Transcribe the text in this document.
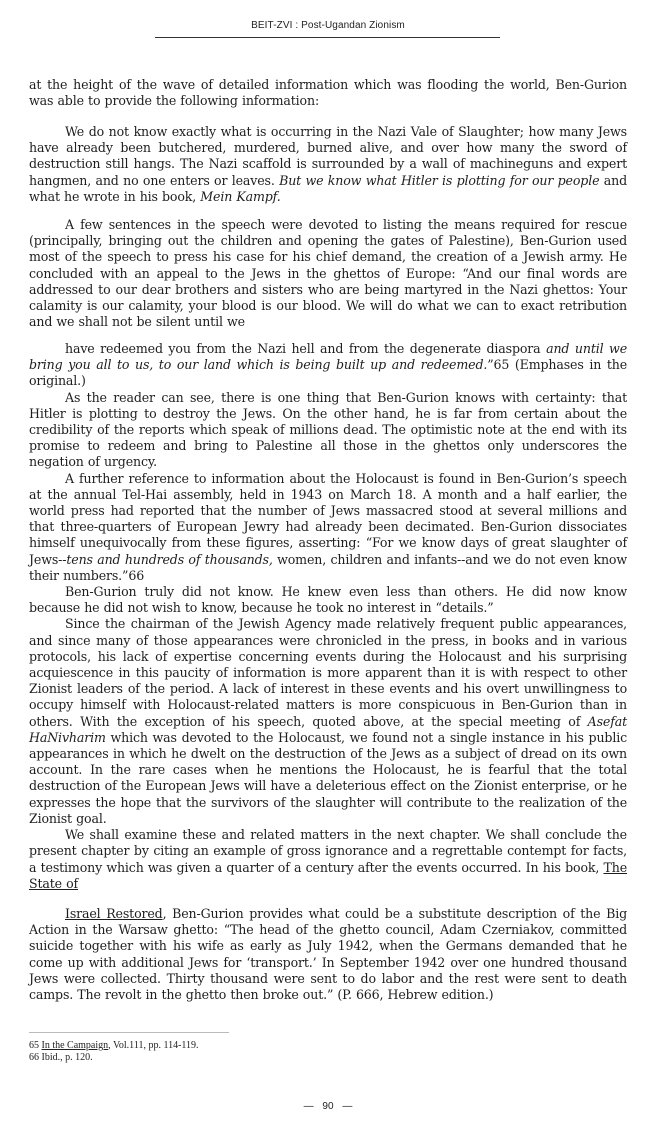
BEIT-ZVI : Post-Ugandan Zionism

at the height of the wave of detailed information which was flooding the world, Ben-Gurion was able to provide the following information:

We do not know exactly what is occurring in the Nazi Vale of Slaughter; how many Jews have already been butchered, murdered, burned alive, and over how many the sword of destruction still hangs. The Nazi scaffold is surrounded by a wall of machineguns and expert hangmen, and no one enters or leaves. But we know what Hitler is plotting for our people and what he wrote in his book, Mein Kampf.

A few sentences in the speech were devoted to listing the means required for rescue (principally, bringing out the children and opening the gates of Palestine), Ben-Gurion used most of the speech to press his case for his chief demand, the creation of a Jewish army. He concluded with an appeal to the Jews in the ghettos of Europe: “And our final words are addressed to our dear brothers and sisters who are being martyred in the Nazi ghettos: Your calamity is our calamity, your blood is our blood. We will do what we can to exact retribution and we shall not be silent until we

have redeemed you from the Nazi hell and from the degenerate diaspora and until we bring you all to us, to our land which is being built up and redeemed.”65 (Emphases in the original.)

As the reader can see, there is one thing that Ben-Gurion knows with certainty: that Hitler is plotting to destroy the Jews. On the other hand, he is far from certain about the credibility of the reports which speak of millions dead. The optimistic note at the end with its promise to redeem and bring to Palestine all those in the ghettos only underscores the negation of urgency.

A further reference to information about the Holocaust is found in Ben-Gurion’s speech at the annual Tel-Hai assembly, held in 1943 on March 18. A month and a half earlier, the world press had reported that the number of Jews massacred stood at several millions and that three-quarters of European Jewry had already been decimated. Ben-Gurion dissociates himself unequivocally from these figures, asserting: “For we know days of great slaughter of Jews--tens and hundreds of thousands, women, children and infants--and we do not even know their numbers.”66

Ben-Gurion truly did not know. He knew even less than others. He did now know because he did not wish to know, because he took no interest in “details.”

Since the chairman of the Jewish Agency made relatively frequent public appearances, and since many of those appearances were chronicled in the press, in books and in various protocols, his lack of expertise concerning events during the Holocaust and his surprising acquiescence in this paucity of information is more apparent than it is with respect to other Zionist leaders of the period. A lack of interest in these events and his overt unwillingness to occupy himself with Holocaust-related matters is more conspicuous in Ben-Gurion than in others. With the exception of his speech, quoted above, at the special meeting of Asefat HaNivharim which was devoted to the Holocaust, we found not a single instance in his public appearances in which he dwelt on the destruction of the Jews as a subject of dread on its own account. In the rare cases when he mentions the Holocaust, he is fearful that the total destruction of the European Jews will have a deleterious effect on the Zionist enterprise, or he expresses the hope that the survivors of the slaughter will contribute to the realization of the Zionist goal.

We shall examine these and related matters in the next chapter. We shall conclude the present chapter by citing an example of gross ignorance and a regrettable contempt for facts, a testimony which was given a quarter of a century after the events occurred. In his book, The State of

Israel Restored, Ben-Gurion provides what could be a substitute description of the Big Action in the Warsaw ghetto: “The head of the ghetto council, Adam Czerniakov, committed suicide together with his wife as early as July 1942, when the Germans demanded that he come up with additional Jews for ‘transport.’ In September 1942 over one hundred thousand Jews were collected. Thirty thousand were sent to do labor and the rest were sent to death camps. The revolt in the ghetto then broke out.” (P. 666, Hebrew edition.)

65 In the Campaign, Vol.111, pp. 114-119.
66 Ibid., p. 120.
— 90 —
